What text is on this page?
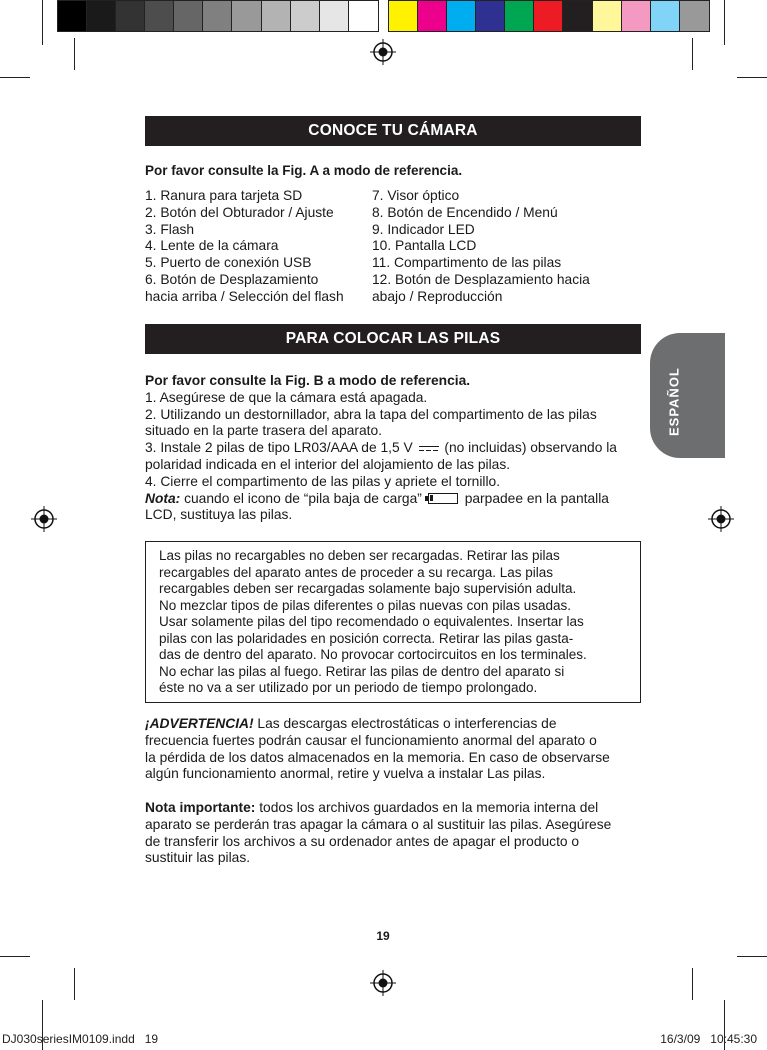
CONOCE TU CÁMARA
Por favor consulte la Fig. A a modo de referencia.
1. Ranura para tarjeta SD
2. Botón del Obturador / Ajuste
3. Flash
4. Lente de la cámara
5. Puerto de conexión USB
6. Botón de Desplazamiento
hacia arriba / Selección del flash
7. Visor óptico
8. Botón de Encendido / Menú
9. Indicador LED
10. Pantalla LCD
11. Compartimento de las pilas
12. Botón de Desplazamiento hacia
abajo / Reproducción
PARA COLOCAR LAS PILAS
Por favor consulte la Fig. B a modo de referencia.
1. Asegúrese de que la cámara está apagada.
2. Utilizando un destornillador, abra la tapa del compartimento de las pilas
situado en la parte trasera del aparato.
3. Instale 2 pilas de tipo LR03/AAA de 1,5 V (no incluidas) observando la
polaridad indicada en el interior del alojamiento de las pilas.
4. Cierre el compartimento de las pilas y apriete el tornillo.
Nota: cuando el icono de “pila baja de carga”	parpadee en la pantalla
LCD, sustituya las pilas.
Las pilas no recargables no deben ser recargadas. Retirar las pilas
recargables del aparato antes de proceder a su recarga. Las pilas
recargables deben ser recargadas solamente bajo supervisión adulta.
No mezclar tipos de pilas diferentes o pilas nuevas con pilas usadas.
Usar solamente pilas del tipo recomendado o equivalentes. Insertar las
pilas con las polaridades en posición correcta. Retirar las pilas gasta-
das de dentro del aparato. No provocar cortocircuitos en los terminales.
No echar las pilas al fuego. Retirar las pilas de dentro del aparato si
éste no va a ser utilizado por un periodo de tiempo prolongado.
¡ADVERTENCIA! Las descargas electrostáticas o interferencias de
frecuencia fuertes podrán causar el funcionamiento anormal del aparato o
la pérdida de los datos almacenados en la memoria. En caso de observarse
algún funcionamiento anormal, retire y vuelva a instalar Las pilas.
Nota importante: todos los archivos guardados en la memoria interna del
aparato se perderán tras apagar la cámara o al sustituir las pilas. Asegúrese
de transferir los archivos a su ordenador antes de apagar el producto o
sustituir las pilas.
ESPAÑOL
19
DJ030seriesIM0109.indd   19	16/3/09   10:45:30
